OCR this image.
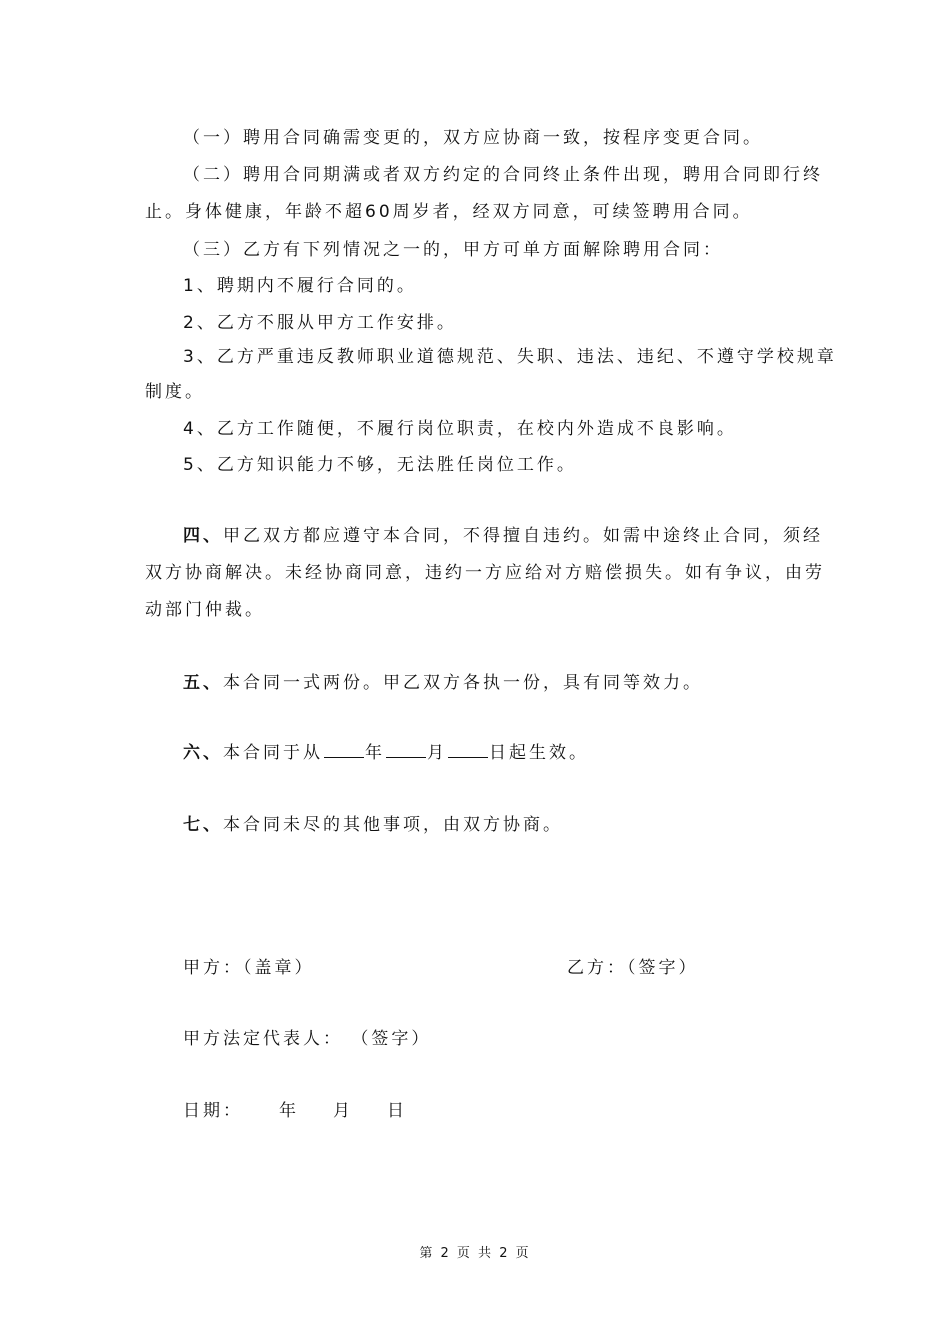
（一）聘用合同确需变更的，双方应协商一致，按程序变更合同。
（二）聘用合同期满或者双方约定的合同终止条件出现，聘用合同即行终
止。身体健康，年龄不超60周岁者，经双方同意，可续签聘用合同。
（三）乙方有下列情况之一的，甲方可单方面解除聘用合同：
1、聘期内不履行合同的。
2、乙方不服从甲方工作安排。
3、乙方严重违反教师职业道德规范、失职、违法、违纪、不遵守学校规章
制度。
4、乙方工作随便，不履行岗位职责，在校内外造成不良影响。
5、乙方知识能力不够，无法胜任岗位工作。
四、甲乙双方都应遵守本合同，不得擅自违约。如需中途终止合同，须经
双方协商解决。未经协商同意，违约一方应给对方赔偿损失。如有争议，由劳
动部门仲裁。
五、本合同一式两份。甲乙双方各执一份，具有同等效力。
六、本合同于从 年 月 日起生效。
七、本合同未尽的其他事项，由双方协商。
甲方：（盖章）	乙方：（签字）
甲方法定代表人： （签字）
日期： 年 月 日
第 2 页 共 2 页
